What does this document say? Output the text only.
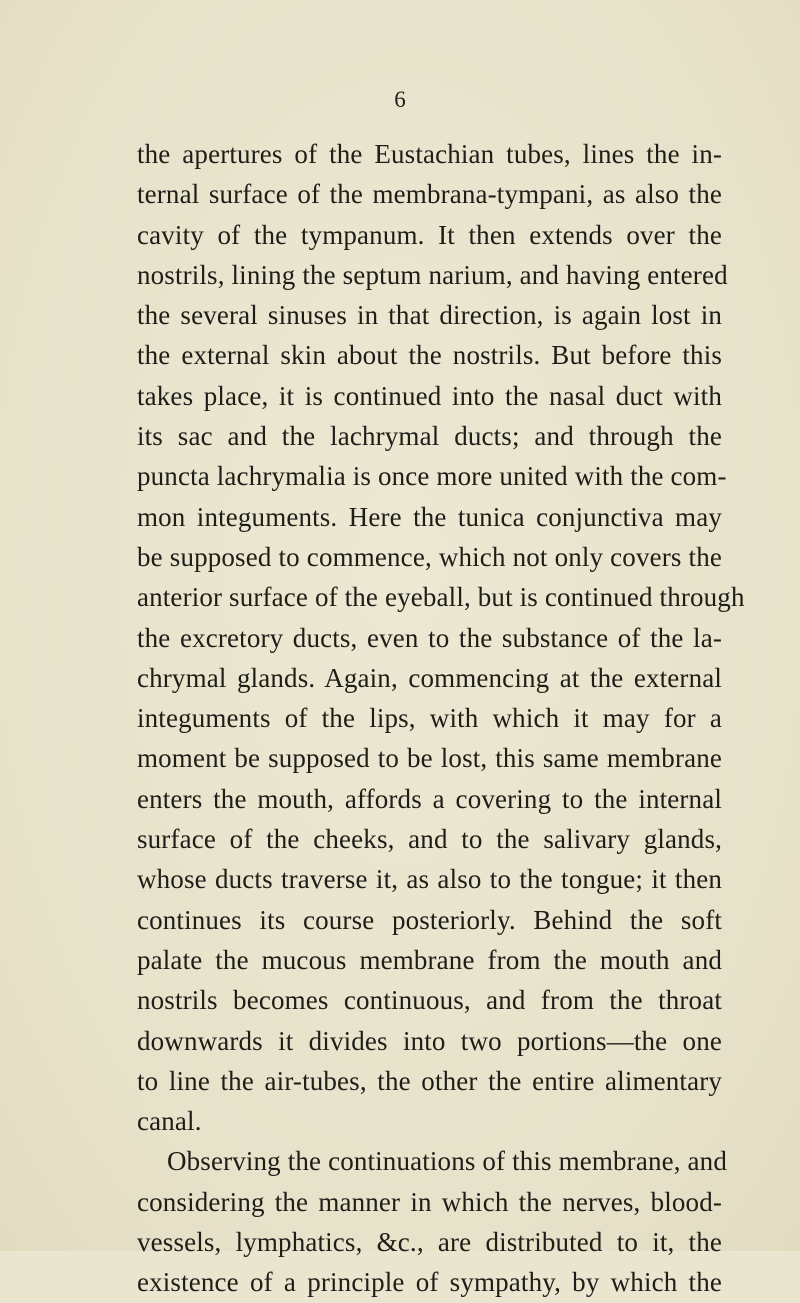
6
the apertures of the Eustachian tubes, lines the in-
ternal surface of the membrana-tympani, as also the
cavity of the tympanum. It then extends over the
nostrils, lining the septum narium, and having entered
the several sinuses in that direction, is again lost in
the external skin about the nostrils. But before this
takes place, it is continued into the nasal duct with
its sac and the lachrymal ducts; and through the
puncta lachrymalia is once more united with the com-
mon integuments. Here the tunica conjunctiva may
be supposed to commence, which not only covers the
anterior surface of the eyeball, but is continued through
the excretory ducts, even to the substance of the la-
chrymal glands. Again, commencing at the external
integuments of the lips, with which it may for a
moment be supposed to be lost, this same membrane
enters the mouth, affords a covering to the internal
surface of the cheeks, and to the salivary glands,
whose ducts traverse it, as also to the tongue; it then
continues its course posteriorly. Behind the soft
palate the mucous membrane from the mouth and
nostrils becomes continuous, and from the throat
downwards it divides into two portions—the one
to line the air-tubes, the other the entire alimentary
canal.
Observing the continuations of this membrane, and
considering the manner in which the nerves, blood-
vessels, lymphatics, &c., are distributed to it, the
existence of a principle of sympathy, by which the
